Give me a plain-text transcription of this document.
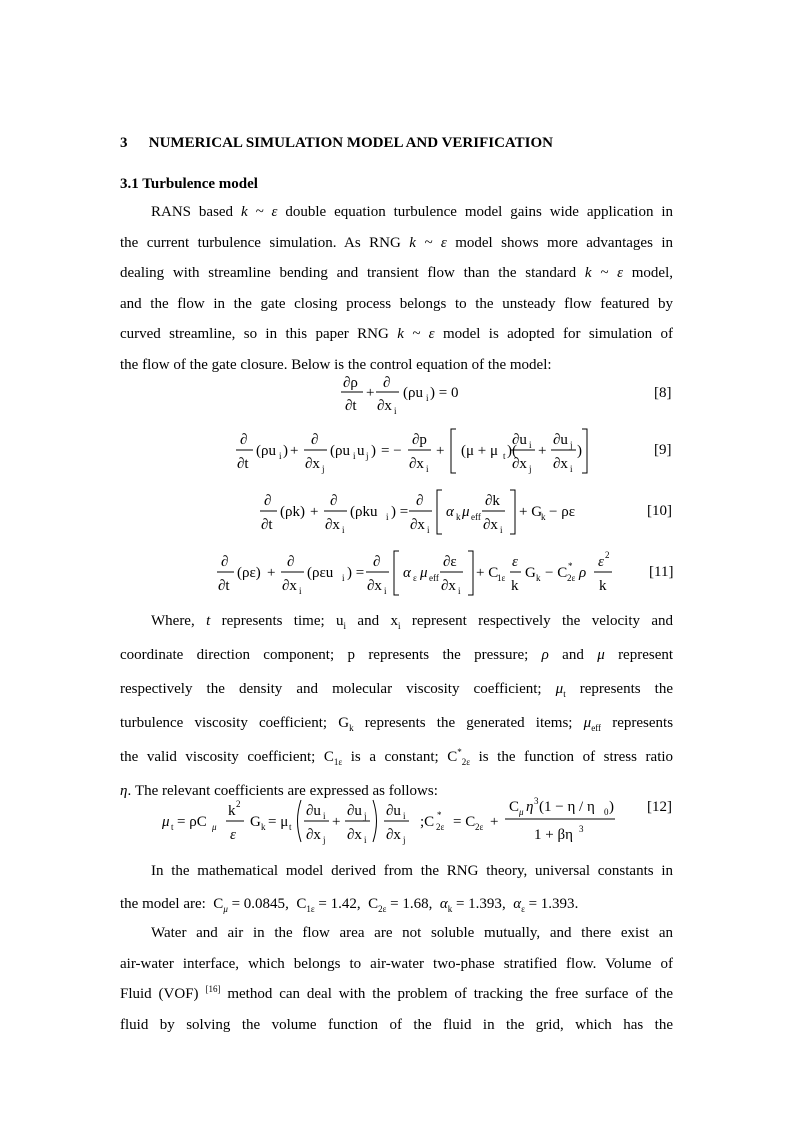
3 NUMERICAL SIMULATION MODEL AND VERIFICATION
3.1 Turbulence model
RANS based k ~ ε double equation turbulence model gains wide application in
the current turbulence simulation. As RNG k ~ ε model shows more advantages in
dealing with streamline bending and transient flow than the standard k ~ ε model,
and the flow in the gate closing process belongs to the unsteady flow featured by
curved streamline, so in this paper RNG k ~ ε model is adopted for simulation of
the flow of the gate closure. Below is the control equation of the model:
∂ρ
∂t
+
∂
∂x i
(ρu i ) = 0	[8]
∂
∂t
(ρu i ) +
∂
∂x j
(ρu i u j ) = −
∂p
∂x i
+ (μ + μ t )(
∂u i
∂x j
+
∂u j
∂x i
)	[9]
∂
∂t
(ρk) +
∂
∂x i
(ρku i ) =
∂
∂x i
α k μ eff
∂k
∂x i
+ G
k − ρε	[10]
∂
∂t
(ρε) +
∂
∂x i
(ρεu i ) =
∂
∂x i
α ε μ eff
∂ε
∂x i
+ C
1ε
ε
k
G k − C 2ε
* ρ
ε 2
k
[11]
Where, t represents time; $u_i$ and $x_i$ represent respectively the velocity and
coordinate direction component; p represents the pressure; ρ and μ represent
respectively the density and molecular viscosity coefficient; $\mu_t$ represents the
turbulence viscosity coefficient; $G_k$ represents the generated items; $\mu_{eff}$ represents
the valid viscosity coefficient; $C_{1\varepsilon}$ is a constant; $C^*_{2\varepsilon}$ is the function of stress ratio
η. The relevant coefficients are expressed as follows:
μ t = ρC μ
k 2
ε
G k = μ t
∂u i
∂x j
+
∂u j
∂x i
∂u i
∂x j
;C 2ε
* = C 2ε +
C μ η 3 (1 − η / η 0 )
1 + βη 3
[12]
In the mathematical model derived from the RNG theory, universal constants in
the model are: $C_\mu = 0.0845$, $C_{1\varepsilon} = 1.42$, $C_{2\varepsilon} = 1.68$, $\alpha_k = 1.393$, $\alpha_\varepsilon = 1.393$.
Water and air in the flow area are not soluble mutually, and there exist an
air-water interface, which belongs to air-water two-phase stratified flow. Volume of
Fluid (VOF) [16] method can deal with the problem of tracking the free surface of the
fluid by solving the volume function of the fluid in the grid, which has the
